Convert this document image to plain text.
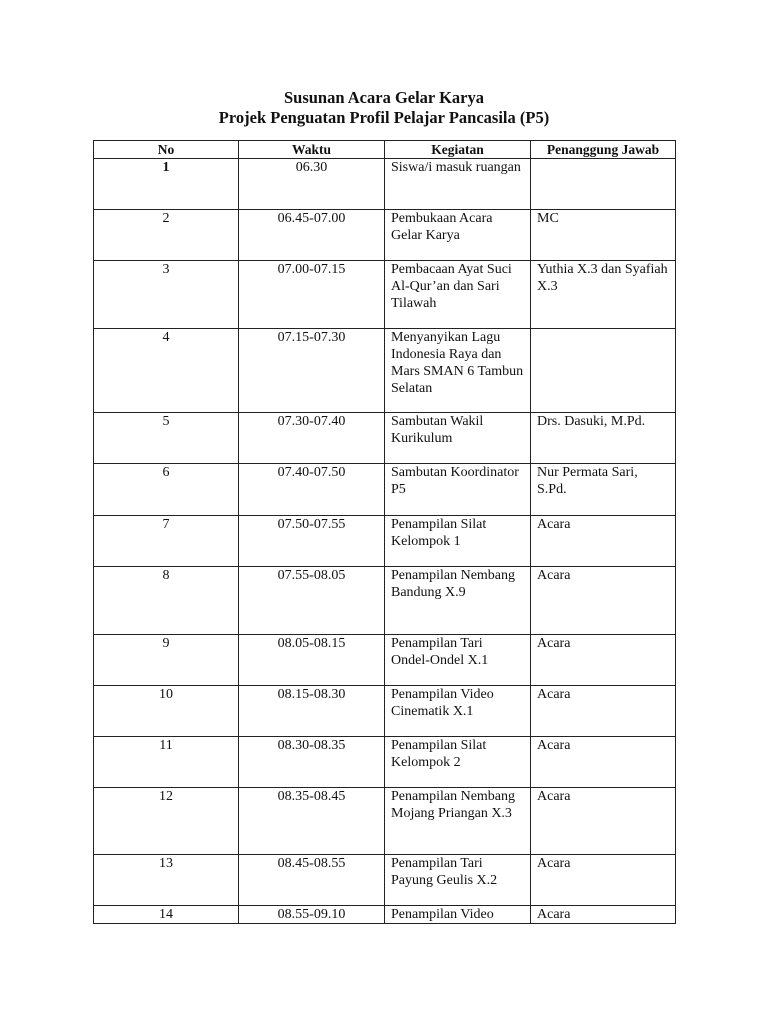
Susunan Acara Gelar Karya
Projek Penguatan Profil Pelajar Pancasila (P5)
No	Waktu	Kegiatan	Penanggung Jawab
1	06.30	Siswa/i masuk ruangan	
2	06.45-07.00	Pembukaan Acara Gelar Karya	MC
3	07.00-07.15	Pembacaan Ayat Suci Al-Qur’an dan Sari Tilawah	Yuthia X.3 dan Syafiah X.3
4	07.15-07.30	Menyanyikan Lagu Indonesia Raya dan Mars SMAN 6 Tambun Selatan	
5	07.30-07.40	Sambutan Wakil Kurikulum	Drs. Dasuki, M.Pd.
6	07.40-07.50	Sambutan Koordinator P5	Nur Permata Sari, S.Pd.
7	07.50-07.55	Penampilan Silat Kelompok 1	Acara
8	07.55-08.05	Penampilan Nembang Bandung X.9	Acara
9	08.05-08.15	Penampilan Tari Ondel-Ondel X.1	Acara
10	08.15-08.30	Penampilan Video Cinematik X.1	Acara
11	08.30-08.35	Penampilan Silat Kelompok 2	Acara
12	08.35-08.45	Penampilan Nembang Mojang Priangan X.3	Acara
13	08.45-08.55	Penampilan Tari Payung Geulis X.2	Acara
14	08.55-09.10	Penampilan Video	Acara
